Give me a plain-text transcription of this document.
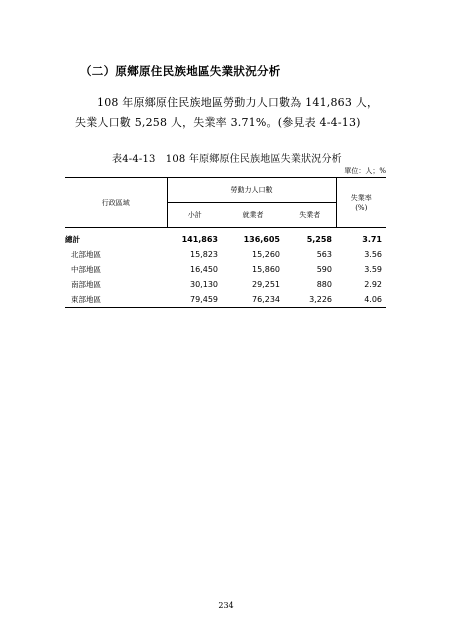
（二）原鄉原住民族地區失業狀況分析

108 年原鄉原住民族地區勞動力人口數為 141,863 人，失業人口數 5,258 人，失業率 3.71%。(參見表 4-4-13)

表4-4-13　108 年原鄉原住民族地區失業狀況分析
單位：人；%
行政區域	勞動力人口數			失業率
(%)
	小計	就業者	失業者	

總計	141,863	136,605	5,258	3.71
北部地區	15,823	15,260	563	3.56
中部地區	16,450	15,860	590	3.59
南部地區	30,130	29,251	880	2.92
東部地區	79,459	76,234	3,226	4.06
234
